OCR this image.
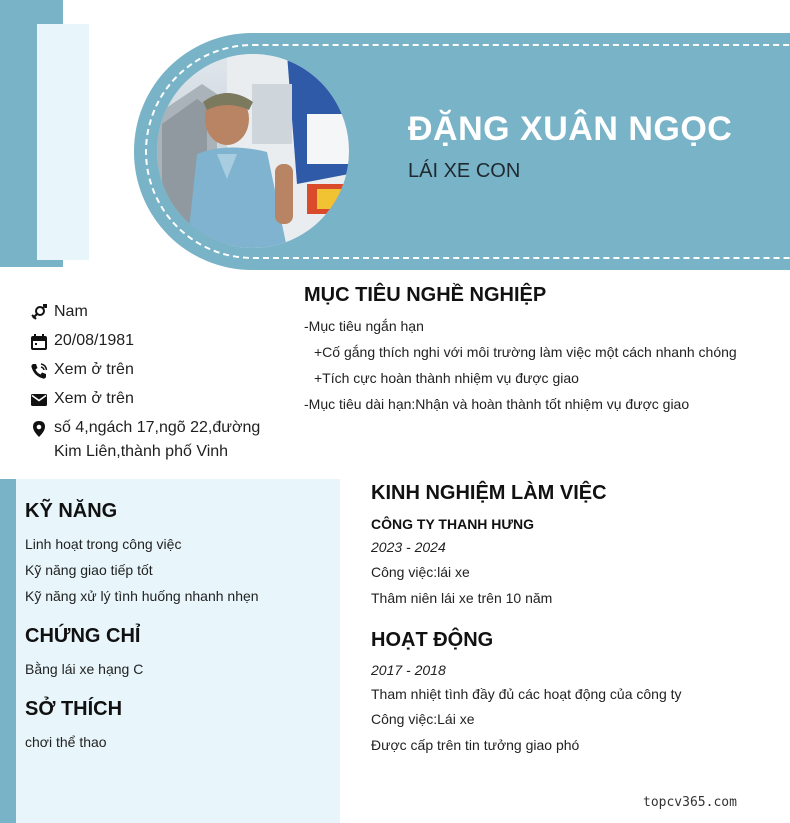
ĐẶNG XUÂN NGỌC
LÁI XE CON
Nam
20/08/1981
Xem ở trên
Xem ở trên
số 4,ngách 17,ngõ 22,đường
Kim Liên,thành phố Vinh
MỤC TIÊU NGHỀ NGHIỆP
-Mục tiêu ngắn hạn
+Cố gắng thích nghi với môi trường làm việc một cách nhanh chóng
+Tích cực hoàn thành nhiệm vụ được giao
-Mục tiêu dài hạn:Nhận và hoàn thành tốt nhiệm vụ được giao
KỸ NĂNG
Linh hoạt trong công việc
Kỹ năng giao tiếp tốt
Kỹ năng xử lý tình huống nhanh nhẹn
CHỨNG CHỈ
Bằng lái xe hạng C
SỞ THÍCH
chơi thể thao
KINH NGHIỆM LÀM VIỆC
CÔNG TY THANH HƯNG
2023 - 2024
Công việc:lái xe
Thâm niên lái xe trên 10 năm
HOẠT ĐỘNG
2017 - 2018
Tham nhiệt tình đầy đủ các hoạt động của công ty
Công việc:Lái xe
Được cấp trên tin tưởng giao phó
topcv365.com
